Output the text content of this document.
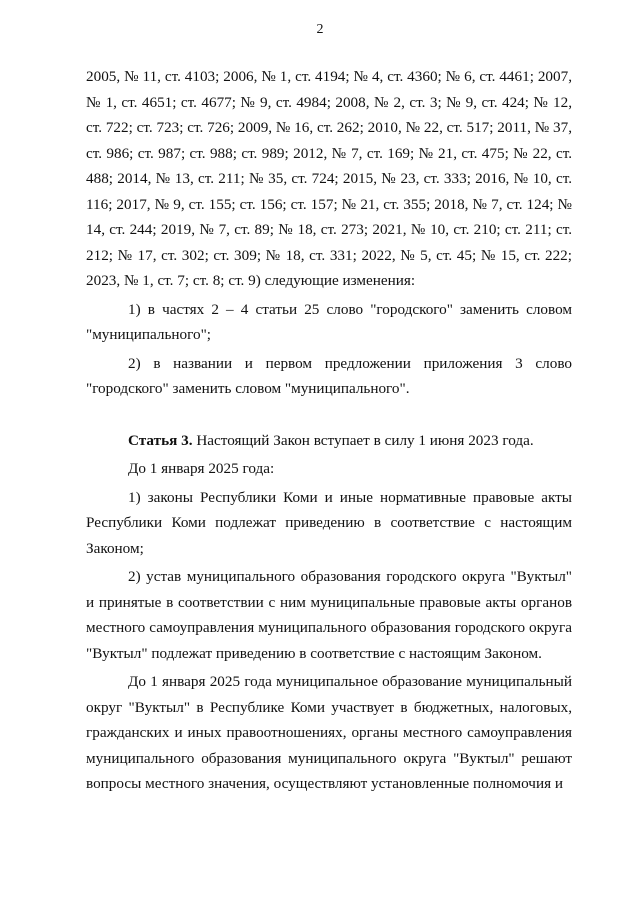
2

2005, № 11, ст. 4103; 2006, № 1, ст. 4194; № 4, ст. 4360; № 6, ст. 4461; 2007, № 1, ст. 4651; ст. 4677; № 9, ст. 4984; 2008, № 2, ст. 3; № 9, ст. 424; № 12, ст. 722; ст. 723; ст. 726; 2009, № 16, ст. 262; 2010, № 22, ст. 517; 2011, № 37, ст. 986; ст. 987; ст. 988; ст. 989; 2012, № 7, ст. 169; № 21, ст. 475; № 22, ст. 488; 2014, № 13, ст. 211; № 35, ст. 724; 2015, № 23, ст. 333; 2016, № 10, ст. 116; 2017, № 9, ст. 155; ст. 156; ст. 157; № 21, ст. 355; 2018, № 7, ст. 124; № 14, ст. 244; 2019, № 7, ст. 89; № 18, ст. 273; 2021, № 10, ст. 210; ст. 211; ст. 212; № 17, ст. 302; ст. 309; № 18, ст. 331; 2022, № 5, ст. 45; № 15, ст. 222; 2023, № 1, ст. 7; ст. 8; ст. 9) следующие изменения:

1) в частях 2 – 4 статьи 25 слово "городского" заменить словом "муниципального";

2) в названии и первом предложении приложения 3 слово "городского" заменить словом "муниципального".

Статья 3. Настоящий Закон вступает в силу 1 июня 2023 года.

До 1 января 2025 года:

1) законы Республики Коми и иные нормативные правовые акты Республики Коми подлежат приведению в соответствие с настоящим Законом;

2) устав муниципального образования городского округа "Вуктыл" и принятые в соответствии с ним муниципальные правовые акты органов местного самоуправления муниципального образования городского округа "Вуктыл" подлежат приведению в соответствие с настоящим Законом.

До 1 января 2025 года муниципальное образование муниципальный округ "Вуктыл" в Республике Коми участвует в бюджетных, налоговых, гражданских и иных правоотношениях, органы местного самоуправления муниципального образования муниципального округа "Вуктыл" решают вопросы местного значения, осуществляют установленные полномочия и
